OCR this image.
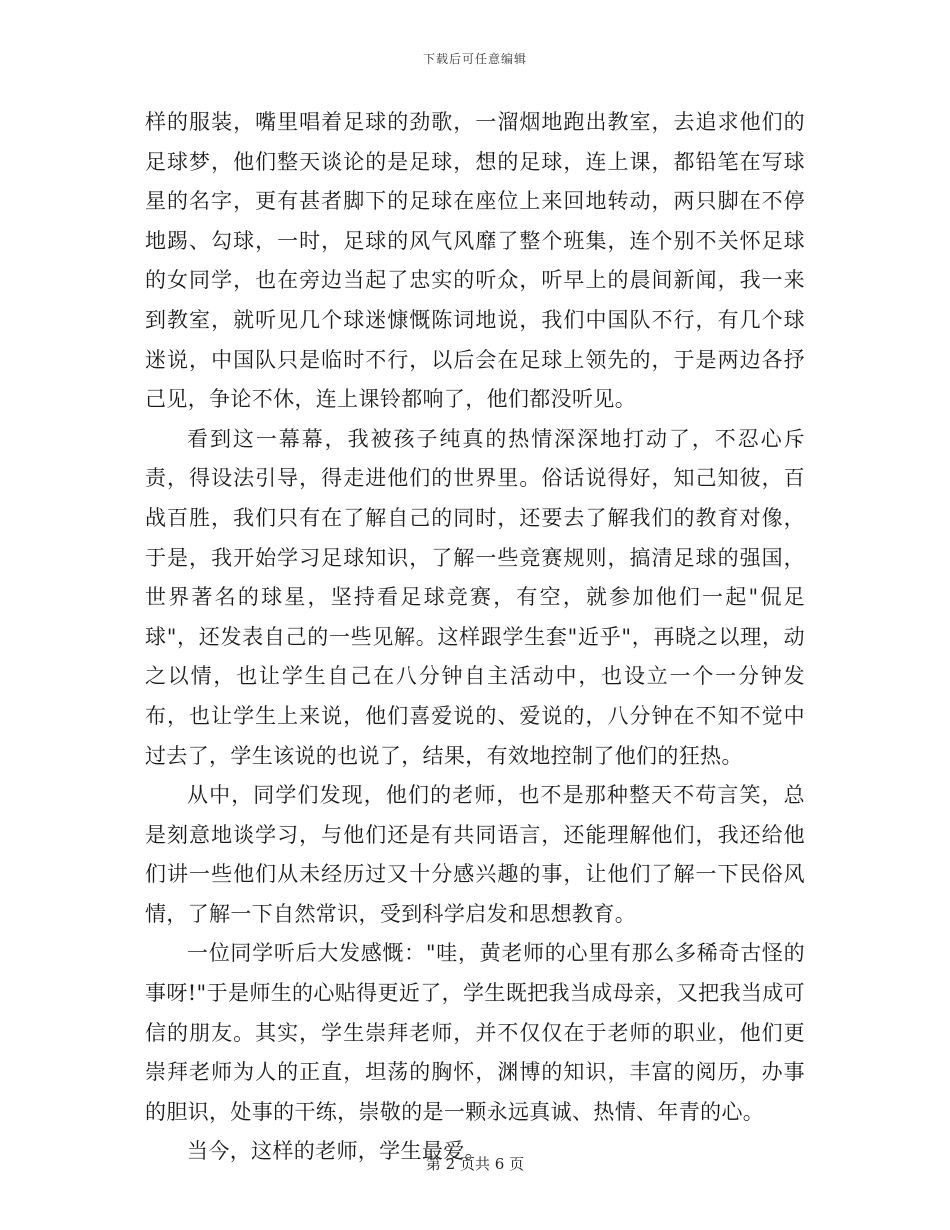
下载后可任意编辑

样的服装，嘴里唱着足球的劲歌，一溜烟地跑出教室，去追求他们的足球梦，他们整天谈论的是足球，想的足球，连上课，都铅笔在写球星的名字，更有甚者脚下的足球在座位上来回地转动，两只脚在不停地踢、勾球，一时，足球的风气风靡了整个班集，连个别不关怀足球的女同学，也在旁边当起了忠实的听众，听早上的晨间新闻，我一来到教室，就听见几个球迷慷慨陈词地说，我们中国队不行，有几个球迷说，中国队只是临时不行，以后会在足球上领先的，于是两边各抒己见，争论不休，连上课铃都响了，他们都没听见。

看到这一幕幕，我被孩子纯真的热情深深地打动了，不忍心斥责，得设法引导，得走进他们的世界里。俗话说得好，知己知彼，百战百胜，我们只有在了解自己的同时，还要去了解我们的教育对像，于是，我开始学习足球知识，了解一些竞赛规则，搞清足球的强国，世界著名的球星，坚持看足球竞赛，有空，就参加他们一起"侃足球"，还发表自己的一些见解。这样跟学生套"近乎"，再晓之以理，动之以情，也让学生自己在八分钟自主活动中，也设立一个一分钟发布，也让学生上来说，他们喜爱说的、爱说的，八分钟在不知不觉中过去了，学生该说的也说了，结果，有效地控制了他们的狂热。

从中，同学们发现，他们的老师，也不是那种整天不苟言笑，总是刻意地谈学习，与他们还是有共同语言，还能理解他们，我还给他们讲一些他们从未经历过又十分感兴趣的事，让他们了解一下民俗风情，了解一下自然常识，受到科学启发和思想教育。

一位同学听后大发感慨："哇，黄老师的心里有那么多稀奇古怪的事呀!"于是师生的心贴得更近了，学生既把我当成母亲，又把我当成可信的朋友。其实，学生崇拜老师，并不仅仅在于老师的职业，他们更崇拜老师为人的正直，坦荡的胸怀，渊博的知识，丰富的阅历，办事的胆识，处事的干练，崇敬的是一颗永远真诚、热情、年青的心。

当今，这样的老师，学生最爱。

第 2 页共 6 页
